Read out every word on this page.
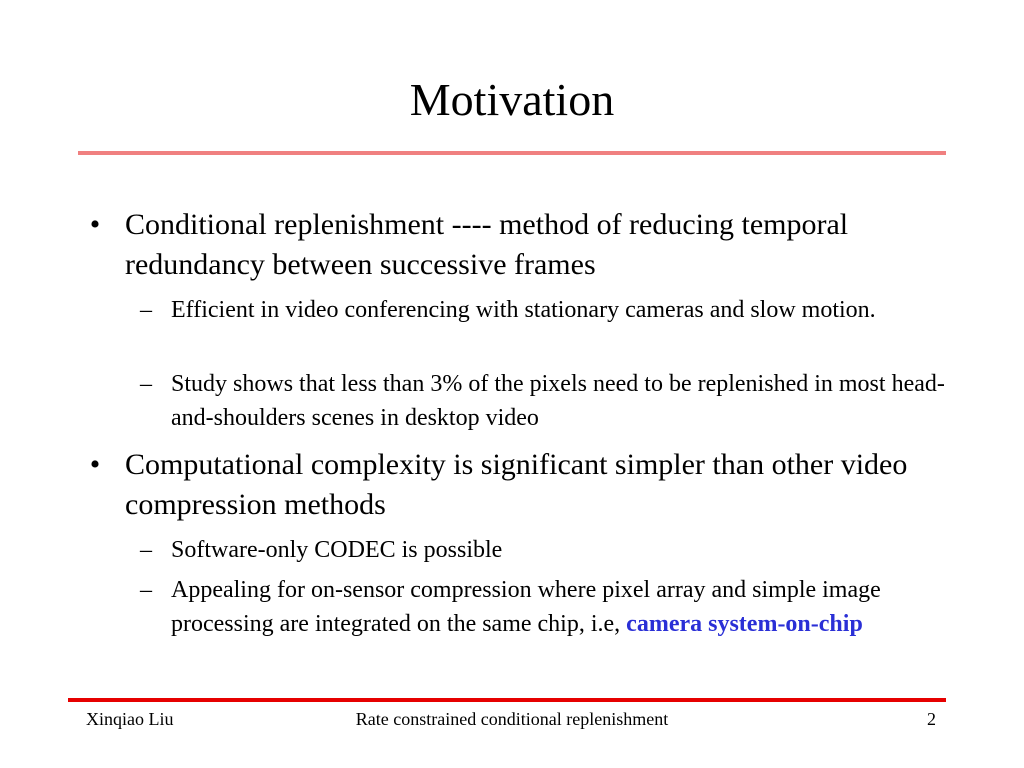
Motivation
• Conditional replenishment ---- method of reducing temporal redundancy between successive frames
– Efficient in video conferencing with stationary cameras and slow motion.
– Study shows that less than 3% of the pixels need to be replenished in most head-and-shoulders scenes in desktop video
• Computational complexity is significant simpler than other video compression methods
– Software-only CODEC is possible
– Appealing for on-sensor compression where pixel array and simple image processing are integrated on the same chip, i.e, camera system-on-chip
Xinqiao Liu	Rate constrained conditional replenishment	2
